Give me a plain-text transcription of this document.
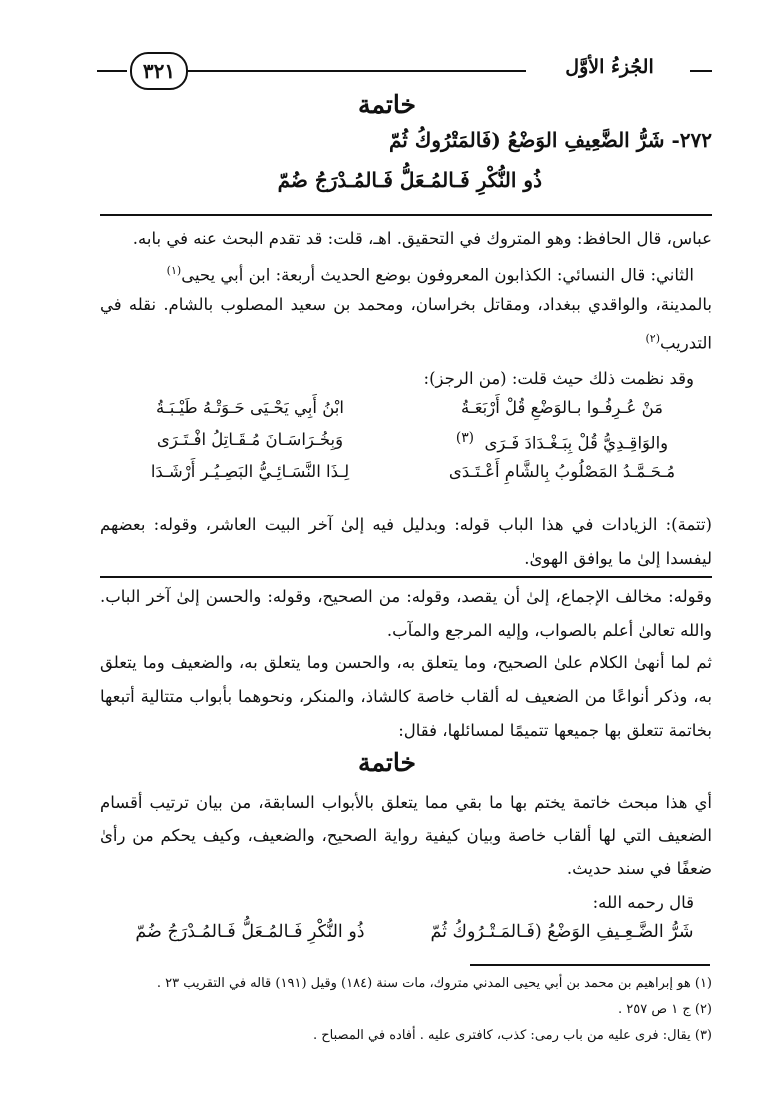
الجُزءُ الأوَّل
٣٢١
خاتمة
٢٧٢- شَرُّ الضَّعِيفِ الوَضْعُ (فَالمَتْرُوكُ ثُمّ
ذُو النُّكْرِ فَـالمُـعَلُّ فَـالمُـدْرَجُ ضُمّ
عباس، قال الحافظ: وهو المتروك في التحقيق. اهـ، قلت: قد تقدم البحث عنه في بابه.
الثاني: قال النسائي: الكذابون المعروفون بوضع الحديث أربعة: ابن أبي يحيى$^{(١)}$
بالمدينة، والواقدي ببغداد، ومقاتل بخراسان، ومحمد بن سعيد المصلوب بالشام. نقله في التدريب$^{(٢)}$
وقد نظمت ذلك حيث قلت: (من الرجز):
مَنْ عُـرِفُـوا بـالوَضْعِ قُلْ أَرْبَعَـةُ
ابْنُ أَبِي يَحْـيَى حَـوَتْـهُ طَيْـبَـةُ
والوَاقِـدِيُّ قُلْ بِبَـغْـدَادَ فَـرَى  $^{(٣)}$
وَبِخُـرَاسَـانَ مُـقَـاتِلُ افْـتَـرَى
مُـحَـمَّـدُ المَصْلُوبُ بِالشَّامِ أَعْـتَـدَى
لِـذَا النَّسَـائِـيُّ البَصِـيُـر أَرْشَـدَا
(تتمة): الزيادات في هذا الباب قوله: وبدليل فيه إلىٰ آخر البيت العاشر، وقوله: بعضهم ليفسدا إلىٰ ما يوافق الهوىٰ.
وقوله: مخالف الإجماع، إلىٰ أن يقصد، وقوله: من الصحيح، وقوله: والحسن إلىٰ آخر الباب. والله تعالىٰ أعلم بالصواب، وإليه المرجع والمآب.
ثم لما أنهىٰ الكلام علىٰ الصحيح، وما يتعلق به، والحسن وما يتعلق به، والضعيف وما يتعلق به، وذكر أنواعًا من الضعيف له ألقاب خاصة كالشاذ، والمنكر، ونحوهما بأبواب متتالية أتبعها بخاتمة تتعلق بها جميعها تتميمًا لمسائلها، فقال:
خاتمة
أي هذا مبحث خاتمة يختم بها ما بقي مما يتعلق بالأبواب السابقة، من بيان ترتيب أقسام الضعيف التي لها ألقاب خاصة وبيان كيفية رواية الصحيح، والضعيف، وكيف يحكم من رأىٰ ضعفًا في سند حديث.
قال رحمه الله:
شَرُّ الضَّـعِـيفِ الوَضْعُ (فَـالمَـتْـرُوكُ ثُمّ
ذُو النُّكْرِ فَـالمُـعَلُّ فَـالمُـدْرَجُ ضُمّ
(١) هو إبراهيم بن محمد بن أبي يحيى المدني متروك، مات سنة (١٨٤) وقيل (١٩١) قاله في التقريب ٢٣ .
(٢) ج ١ ص ٢٥٧ .
(٣) يقال: فرى عليه من باب رمى: كذب، كافترى عليه . أفاده في المصباح .
